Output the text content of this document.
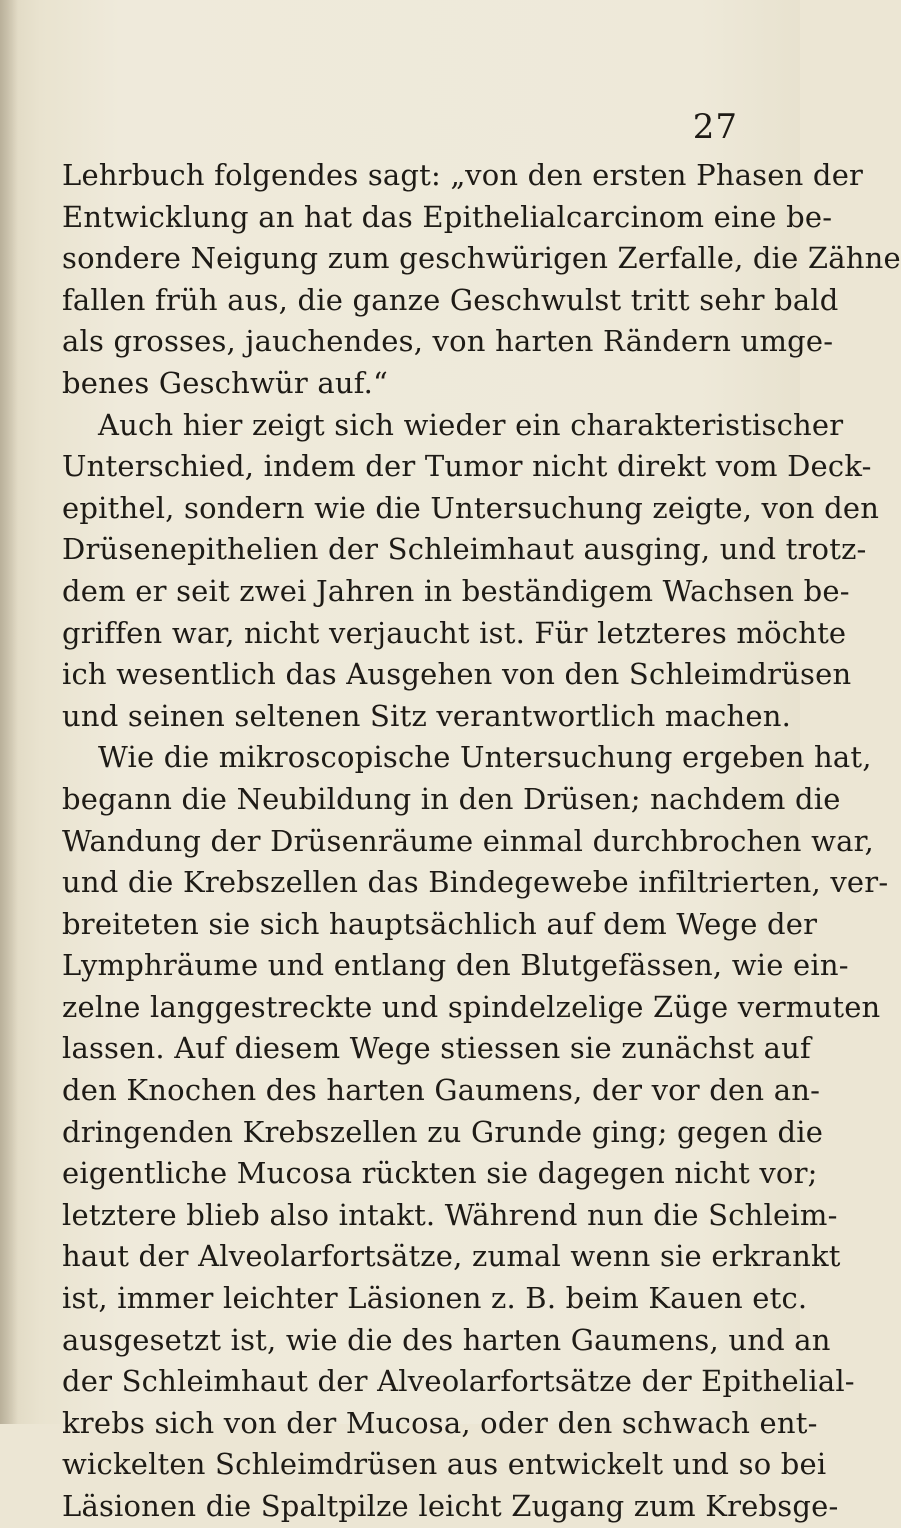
27
Lehrbuch folgendes sagt: „von den ersten Phasen der
Entwicklung an hat das Epithelialcarcinom eine be-
sondere Neigung zum geschwürigen Zerfalle, die Zähne
fallen früh aus, die ganze Geschwulst tritt sehr bald
als grosses, jauchendes, von harten Rändern umge-
benes Geschwür auf.“
Auch hier zeigt sich wieder ein charakteristischer
Unterschied, indem der Tumor nicht direkt vom Deck-
epithel, sondern wie die Untersuchung zeigte, von den
Drüsenepithelien der Schleimhaut ausging, und trotz-
dem er seit zwei Jahren in beständigem Wachsen be-
griffen war, nicht verjaucht ist. Für letzteres möchte
ich wesentlich das Ausgehen von den Schleimdrüsen
und seinen seltenen Sitz verantwortlich machen.
Wie die mikroscopische Untersuchung ergeben hat,
begann die Neubildung in den Drüsen; nachdem die
Wandung der Drüsenräume einmal durchbrochen war,
und die Krebszellen das Bindegewebe infiltrierten, ver-
breiteten sie sich hauptsächlich auf dem Wege der
Lymphräume und entlang den Blutgefässen, wie ein-
zelne langgestreckte und spindelzelige Züge vermuten
lassen. Auf diesem Wege stiessen sie zunächst auf
den Knochen des harten Gaumens, der vor den an-
dringenden Krebszellen zu Grunde ging; gegen die
eigentliche Mucosa rückten sie dagegen nicht vor;
letztere blieb also intakt. Während nun die Schleim-
haut der Alveolarfortsätze, zumal wenn sie erkrankt
ist, immer leichter Läsionen z. B. beim Kauen etc.
ausgesetzt ist, wie die des harten Gaumens, und an
der Schleimhaut der Alveolarfortsätze der Epithelial-
krebs sich von der Mucosa, oder den schwach ent-
wickelten Schleimdrüsen aus entwickelt und so bei
Läsionen die Spaltpilze leicht Zugang zum Krebsge-
